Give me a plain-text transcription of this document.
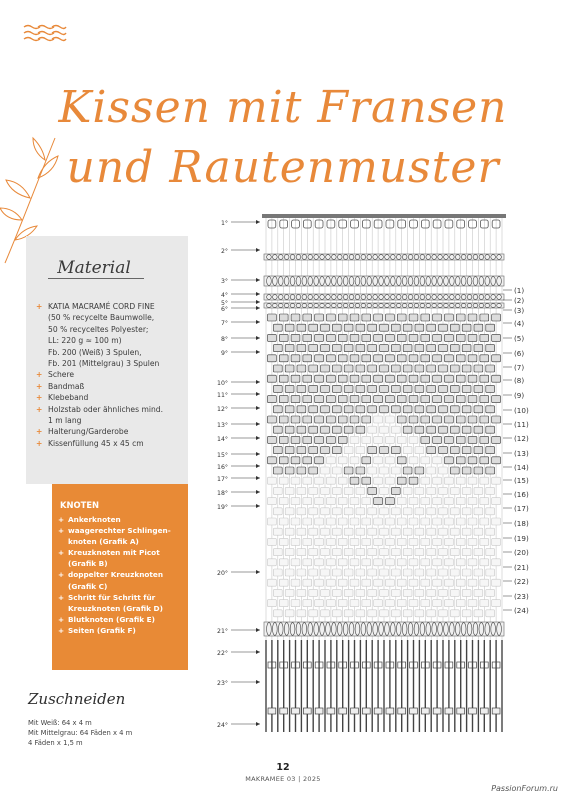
Kissen mit Fransen
und Rautenmuster
Material
+ KATIA MACRAMÉ CORD FINE
(50 % recycelte Baumwolle,
50 % recyceltes Polyester;
LL: 220 g ≈ 100 m)
Fb. 200 (Weiß) 3 Spulen,
Fb. 201 (Mittelgrau) 3 Spulen
+ Schere
+ Bandmaß
+ Klebeband
+ Holzstab oder ähnliches mind.
1 m lang
+ Halterung/Garderobe
+ Kissenfüllung 45 x 45 cm
KNOTEN
+ Ankerknoten
+ waagerechter Schlingen-
knoten (Grafik A)
+ Kreuzknoten mit Picot
(Grafik B)
+ doppelter Kreuzknoten
(Grafik C)
+ Schritt für Schritt für
Kreuzknoten (Grafik D)
+ Blutknoten (Grafik E)
+ Seiten (Grafik F)
Zuschneiden
Mit Weiß: 64 x 4 m
Mit Mittelgrau: 64 Fäden x 4 m
4 Fäden x 1,5 m
1°
2°
3°
4°
5°
6°
7°
8°
9°
10°
11°
12°
13°
14°
15°
16°
17°
18°
19°
20°
21°
22°
23°
24°
(1)
(2)
(3)
(4)
(5)
(6)
(7)
(8)
(9)
(10)
(11)
(12)
(13)
(14)
(15)
(16)
(17)
(18)
(19)
(20)
(21)
(22)
(23)
(24)
12
MAKRAMEE 03 | 2025
PassionForum.ru
